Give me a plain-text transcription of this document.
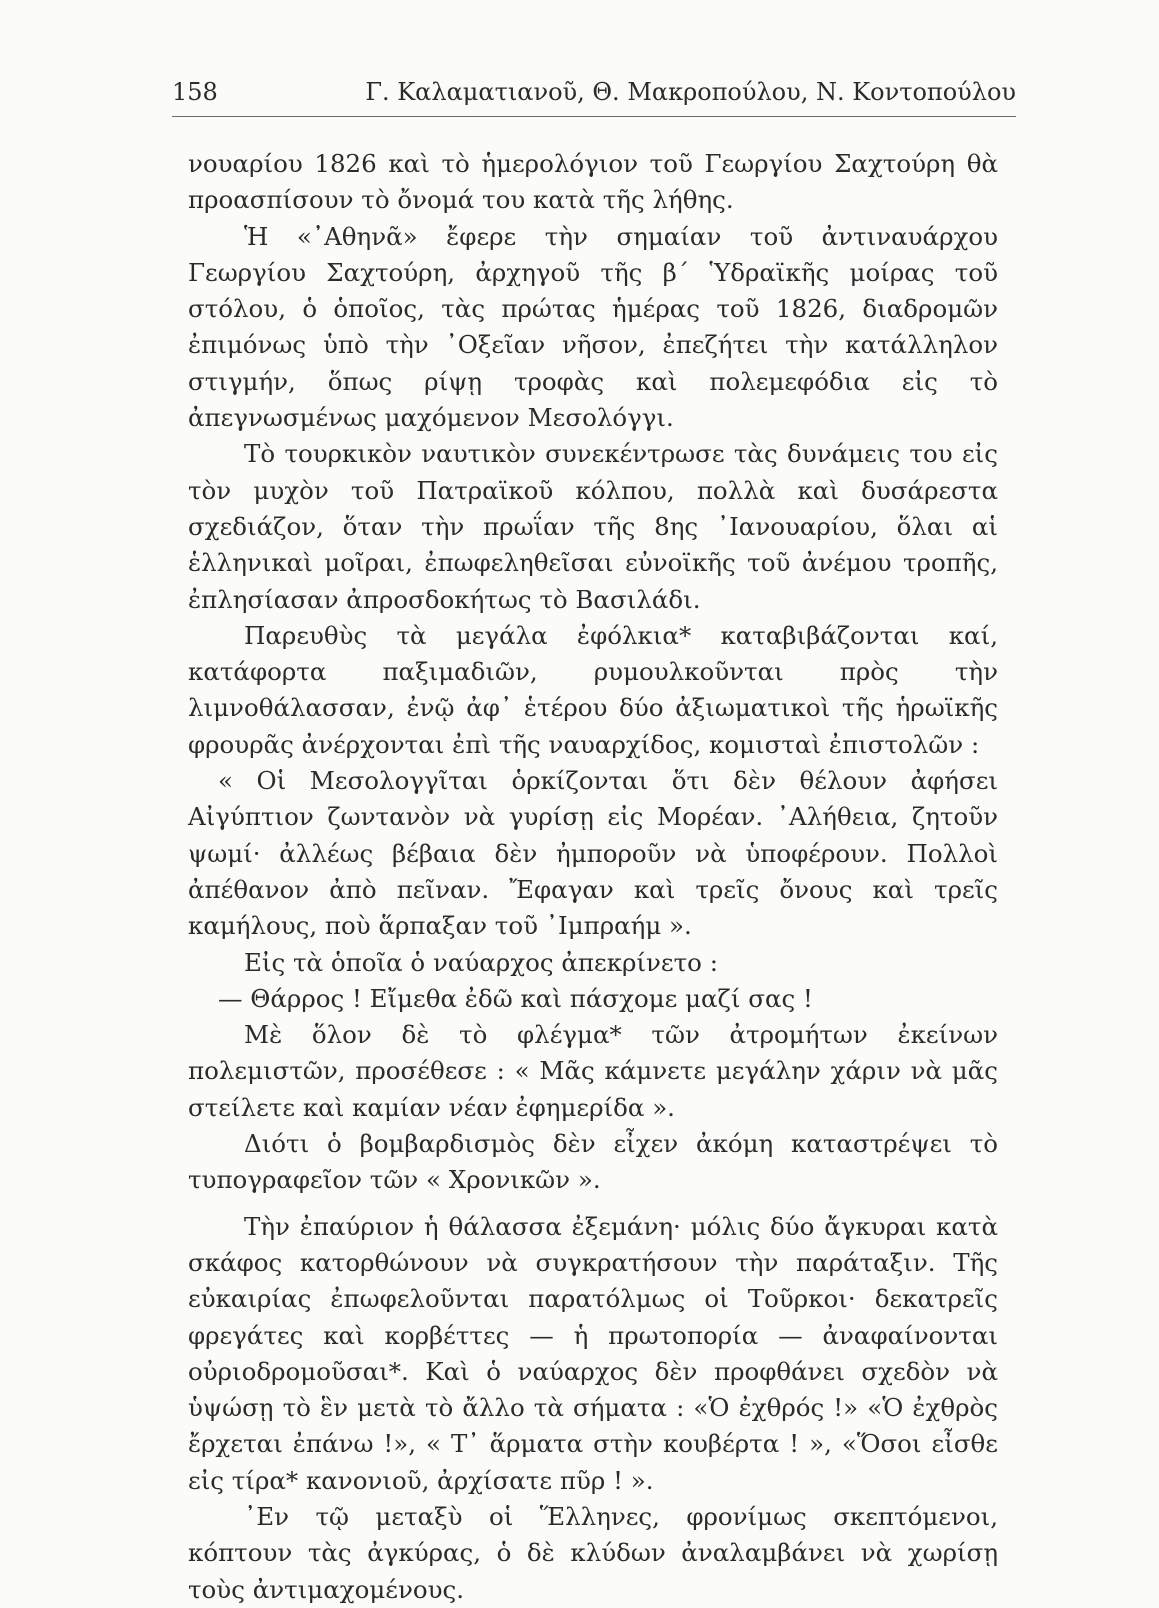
158	Γ. Καλαματιανοῦ, Θ. Μακροπούλου, Ν. Κοντοπούλου

νουαρίου 1826 καὶ τὸ ἡμερολόγιον τοῦ Γεωργίου Σαχτούρη θὰ προασπίσουν τὸ ὄνομά του κατὰ τῆς λήθης.

Ἡ «᾿Αθηνᾶ» ἔφερε τὴν σημαίαν τοῦ ἀντιναυάρχου Γεωργίου Σαχτούρη, ἀρχηγοῦ τῆς β΄ Ὑδραϊκῆς μοίρας τοῦ στόλου, ὁ ὁποῖος, τὰς πρώτας ἡμέρας τοῦ 1826, διαδρομῶν ἐπιμόνως ὑπὸ τὴν ᾿Οξεῖαν νῆσον, ἐπεζήτει τὴν κατάλληλον στιγμήν, ὅπως ρίψῃ τροφὰς καὶ πολεμεφόδια εἰς τὸ ἀπεγνωσμένως μαχόμενον Μεσολόγγι.

Τὸ τουρκικὸν ναυτικὸν συνεκέντρωσε τὰς δυνάμεις του εἰς τὸν μυχὸν τοῦ Πατραϊκοῦ κόλπου, πολλὰ καὶ δυσάρεστα σχεδιάζον, ὅταν τὴν πρωΐαν τῆς 8ης ᾿Ιανουαρίου, ὅλαι αἱ ἑλληνικαὶ μοῖραι, ἐπωφεληθεῖσαι εὐνοϊκῆς τοῦ ἀνέμου τροπῆς, ἐπλησίασαν ἀπροσδοκήτως τὸ Βασιλάδι.

Παρευθὺς τὰ μεγάλα ἐφόλκια* καταβιβάζονται καί, κατάφορτα παξιμαδιῶν, ρυμουλκοῦνται πρὸς τὴν λιμνοθάλασσαν, ἐνῷ ἀφ᾿ ἑτέρου δύο ἀξιωματικοὶ τῆς ἡρωϊκῆς φρουρᾶς ἀνέρχονται ἐπὶ τῆς ναυαρχίδος, κομισταὶ ἐπιστολῶν :

« Οἱ Μεσολογγῖται ὁρκίζονται ὅτι δὲν θέλουν ἀφήσει Αἰγύπτιον ζωντανὸν νὰ γυρίσῃ εἰς Μορέαν. ᾿Αλήθεια, ζητοῦν ψωμί· ἀλλέως βέβαια δὲν ἠμποροῦν νὰ ὑποφέρουν. Πολλοὶ ἀπέθανον ἀπὸ πεῖναν. Ἔφαγαν καὶ τρεῖς ὄνους καὶ τρεῖς καμήλους, ποὺ ἅρπαξαν τοῦ ᾿Ιμπραήμ ».

Εἰς τὰ ὁποῖα ὁ ναύαρχος ἀπεκρίνετο :

— Θάρρος ! Εἴμεθα ἐδῶ καὶ πάσχομε μαζί σας !

Μὲ ὅλον δὲ τὸ φλέγμα* τῶν ἀτρομήτων ἐκείνων πολεμιστῶν, προσέθεσε : « Μᾶς κάμνετε μεγάλην χάριν νὰ μᾶς στείλετε καὶ καμίαν νέαν ἐφημερίδα ».

Διότι ὁ βομβαρδισμὸς δὲν εἶχεν ἀκόμη καταστρέψει τὸ τυπογραφεῖον τῶν « Χρονικῶν ».

Τὴν ἐπαύριον ἡ θάλασσα ἐξεμάνη· μόλις δύο ἄγκυραι κατὰ σκάφος κατορθώνουν νὰ συγκρατήσουν τὴν παράταξιν. Τῆς εὐκαιρίας ἐπωφελοῦνται παρατόλμως οἱ Τοῦρκοι· δεκατρεῖς φρεγάτες καὶ κορβέττες — ἡ πρωτοπορία — ἀναφαίνονται οὐριοδρομοῦσαι*. Καὶ ὁ ναύαρχος δὲν προφθάνει σχεδὸν νὰ ὑψώσῃ τὸ ἓν μετὰ τὸ ἄλλο τὰ σήματα : «Ὁ ἐχθρός !» «Ὁ ἐχθρὸς ἔρχεται ἐπάνω !», « Τ᾿ ἅρματα στὴν κουβέρτα ! », «Ὅσοι εἶσθε εἰς τίρα* κανονιοῦ, ἀρχίσατε πῦρ ! ».

᾿Εν τῷ μεταξὺ οἱ Ἕλληνες, φρονίμως σκεπτόμενοι, κόπτουν τὰς ἀγκύρας, ὁ δὲ κλύδων ἀναλαμβάνει νὰ χωρίσῃ τοὺς ἀντιμαχομένους.
